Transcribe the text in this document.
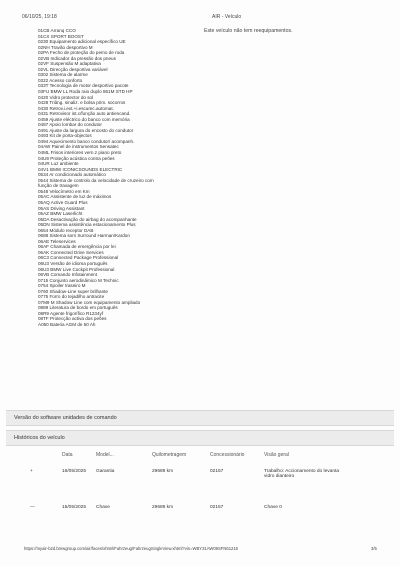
06/10/25, 19:18	AIR - Veículo
01CB Arranq CCO
01CX SPORT BOOST
0230 Equipamento adicional específico UE
02NH Travão desportivo M
02PA Fecho de proteção do pemo de roda
02VB Indicador da pressão dos pneus
02VF Suspensão M adaptativa
02VL Direcção desportiva variável
0302 Sistema de alarme
0322 Acesso conforto
033T Tecnologia de motor desportivo pacote
03FU BMW LL Roda raio duplo 861M STD HP
0420 Vidro protector do sol
0428 Triâng. sinaliz. e bolsa prim. socorros
0430 Retrov.i.ext.+i.escurec.automat.
0431 Retrovisor int.c/função auto antiencand.
0459 Ajuste eléctrico do banco com memória
0487 Apoio lombar do condutor
0491 Ajuste da largura do encosto do condutor
0493 Kit de porta-objectos
0494 Aquecimento banco condutor/ acompanh.
04AW Painel de instrumentos Sensatec
04ML Frisos interiores vern.z piano preto
04U9 Proteção acústica contra peões
04UR Luz ambiente
04V1 BMW ICONICSOUNDS ELECTRIC
0534 Ar condicionado automático
0544 Sistema de controlo da velocidade de cruzeiro com
função de travagem
0548 Velocímetro em Km
05AC Assistente de luz de máximos
05AQ Active Guard Plus
05AS Driving Assistant
05AZ BMW Laserlicht
05DA Desactivação do airbag do acompanhante
05DN Sistema assistência estacionamento Plus
0654 Módulo receptor DAB
0688 Sistema som Surround Harman/Kardon
06AE Teleservices
06AF Chamada de emergência por lei
06AK Connected Drive Services
06C3 Connected Package Professional
06U3 Versão de idioma português
06U3 BMW Live Cockpit Professional
06VB Comando Infotainment
0715 Conjunto aerodinâmico M Technic
0754 Spoiler traseiro M
0760 Shadow-Line super brilhante
0775 Forro do tejadilho antracite
07M9 M Shadow Line com equipamento ampliado
0889 Literatura de bordo em português
08R9 Agente frigorífico R1234yf
08TF Protecção activa dos peões
A050 Bateria AGM de 50 Ah
Este veículo não tem reequipamentos.
Versão do software unidades de comando
Históricos do veículo
	Data	Model...	Quilometragem	Concessionário	Visão geral
+	16/05/2025	Garantia	29689 km	02157	Trabalho: Accionamento do levanta
vidro dianteiro

—	15/05/2025	Chave	29689 km	02157	Chave 0
https://myair-b2d.bmwgroup.com/air/faces/xhtml/Fahrzeug/FahrzeugSingleView.xhtml?vin=WBY31AW09SFN61216	3/5
